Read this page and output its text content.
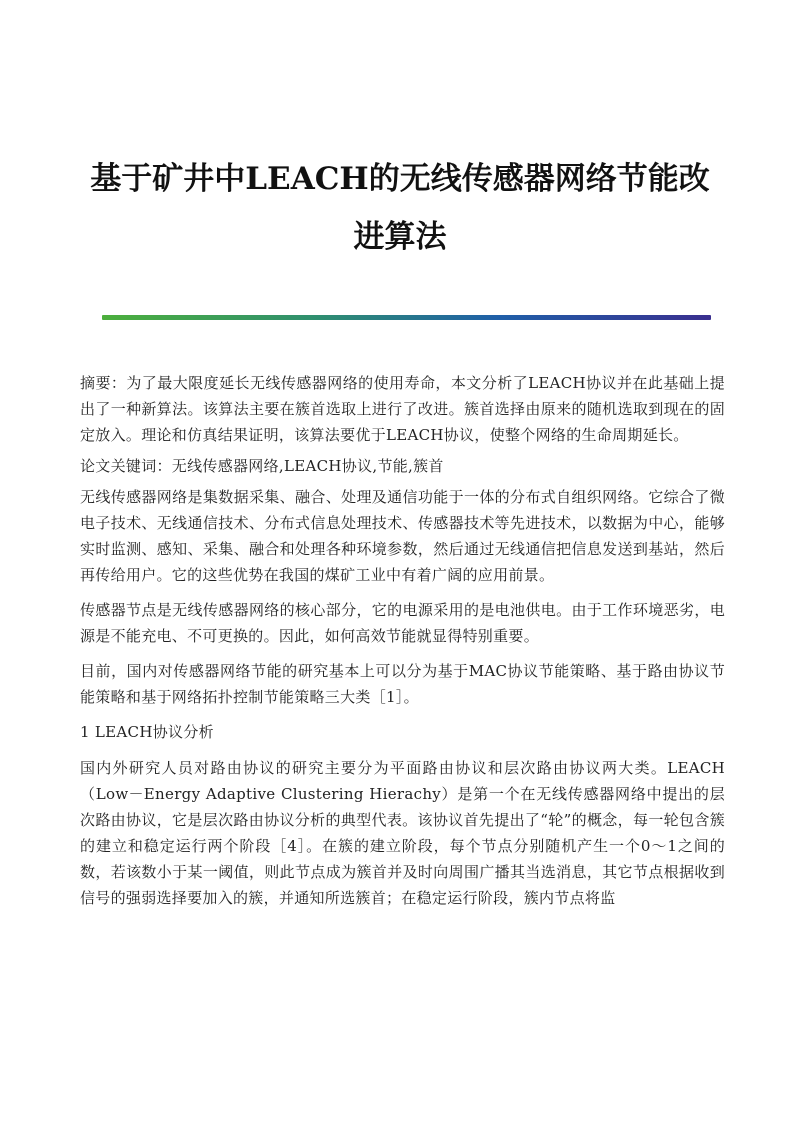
基于矿井中LEACH的无线传感器网络节能改
进算法

摘要：为了最大限度延长无线传感器网络的使用寿命，本文分析了LEACH协议并在此基础上提出了一种新算法。该算法主要在簇首选取上进行了改进。簇首选择由原来的随机选取到现在的固定放入。理论和仿真结果证明，该算法要优于LEACH协议，使整个网络的生命周期延长。

论文关键词：无线传感器网络,LEACH协议,节能,簇首

无线传感器网络是集数据采集、融合、处理及通信功能于一体的分布式自组织网络。它综合了微电子技术、无线通信技术、分布式信息处理技术、传感器技术等先进技术，以数据为中心，能够实时监测、感知、采集、融合和处理各种环境参数，然后通过无线通信把信息发送到基站，然后再传给用户。它的这些优势在我国的煤矿工业中有着广阔的应用前景。

传感器节点是无线传感器网络的核心部分，它的电源采用的是电池供电。由于工作环境恶劣，电源是不能充电、不可更换的。因此，如何高效节能就显得特别重要。

目前，国内对传感器网络节能的研究基本上可以分为基于MAC协议节能策略、基于路由协议节能策略和基于网络拓扑控制节能策略三大类［1］。

1 LEACH协议分析

国内外研究人员对路由协议的研究主要分为平面路由协议和层次路由协议两大类。LEACH（Low－Energy Adaptive Clustering Hierachy）是第一个在无线传感器网络中提出的层次路由协议，它是层次路由协议分析的典型代表。该协议首先提出了“轮”的概念，每一轮包含簇的建立和稳定运行两个阶段［4］。在簇的建立阶段，每个节点分别随机产生一个0～1之间的数，若该数小于某一阈值，则此节点成为簇首并及时向周围广播其当选消息，其它节点根据收到信号的强弱选择要加入的簇，并通知所选簇首；在稳定运行阶段，簇内节点将监
